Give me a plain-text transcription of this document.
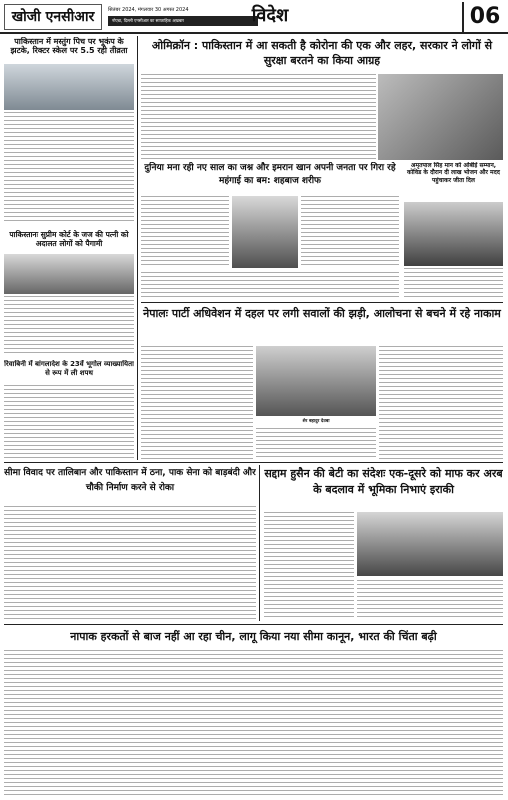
खोजी एनसीआर	सितंबर 2024, मंगलवार 30 अगस्त 2024
नोएडा, दिल्ली एनसीआर का साप्ताहिक अख़बार	विदेश	06
पाकिस्तान में मस्तुंग पिच पर भूकंप के झटके, रिक्टर स्केल पर 5.5 रही तीव्रता
पाकिस्तानः सुप्रीम कोर्ट के जज की पत्नी को अदालत लोगों को पैगामी
रिवाबिनी में बांगलादेश के 23वें भूगोल व्याख्यायिता से रूप में ली शपथ
ओमिक्रॉन : पाकिस्तान में आ सकती है कोरोना की एक और लहर, सरकार ने लोगों से सुरक्षा बरतने का किया आग्रह
दुनिया मना रही नए साल का जश्न और इमरान खान अपनी जनता पर गिरा रहे महंगाई का बम: शहबाज शरीफ
अमृतपाल सिंह मान को ओबीई सम्मान, कोविड के दौरान दी लाख भोजन और मदद पहुंचाकर जीता दिल
नेपालः पार्टी अधिवेशन में दहल पर लगी सवालों की झड़ी, आलोचना से बचने में रहे नाकाम
शेर बहादुर देउबा
सीमा विवाद पर तालिबान और पाकिस्तान में ठना, पाक सेना को बाड़बंदी और चौकी निर्माण करने से रोका
सद्दाम हुसैन की बेटी का संदेशः एक-दूसरे को माफ कर अरब के बदलाव में भूमिका निभाएं इराकी
नापाक हरकतों से बाज नहीं आ रहा चीन, लागू किया नया सीमा कानून, भारत की चिंता बढ़ी
